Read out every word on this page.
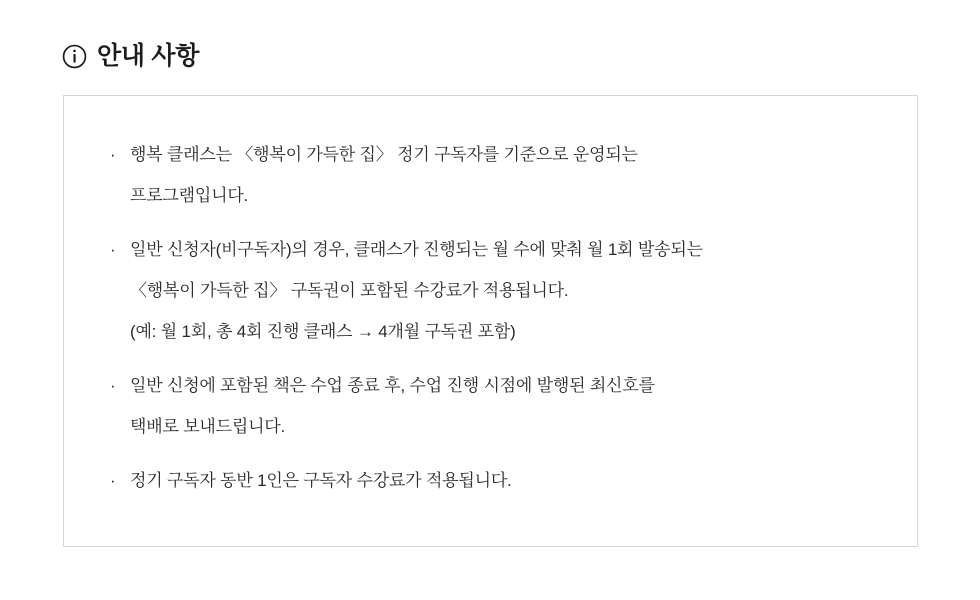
안내 사항
· 행복 클래스는 〈행복이 가득한 집〉 정기 구독자를 기준으로 운영되는
프로그램입니다.
· 일반 신청자(비구독자)의 경우, 클래스가 진행되는 월 수에 맞춰 월 1회 발송되는
〈행복이 가득한 집〉 구독권이 포함된 수강료가 적용됩니다.
(예: 월 1회, 총 4회 진행 클래스 → 4개월 구독권 포함)
· 일반 신청에 포함된 책은 수업 종료 후, 수업 진행 시점에 발행된 최신호를
택배로 보내드립니다.
· 정기 구독자 동반 1인은 구독자 수강료가 적용됩니다.
